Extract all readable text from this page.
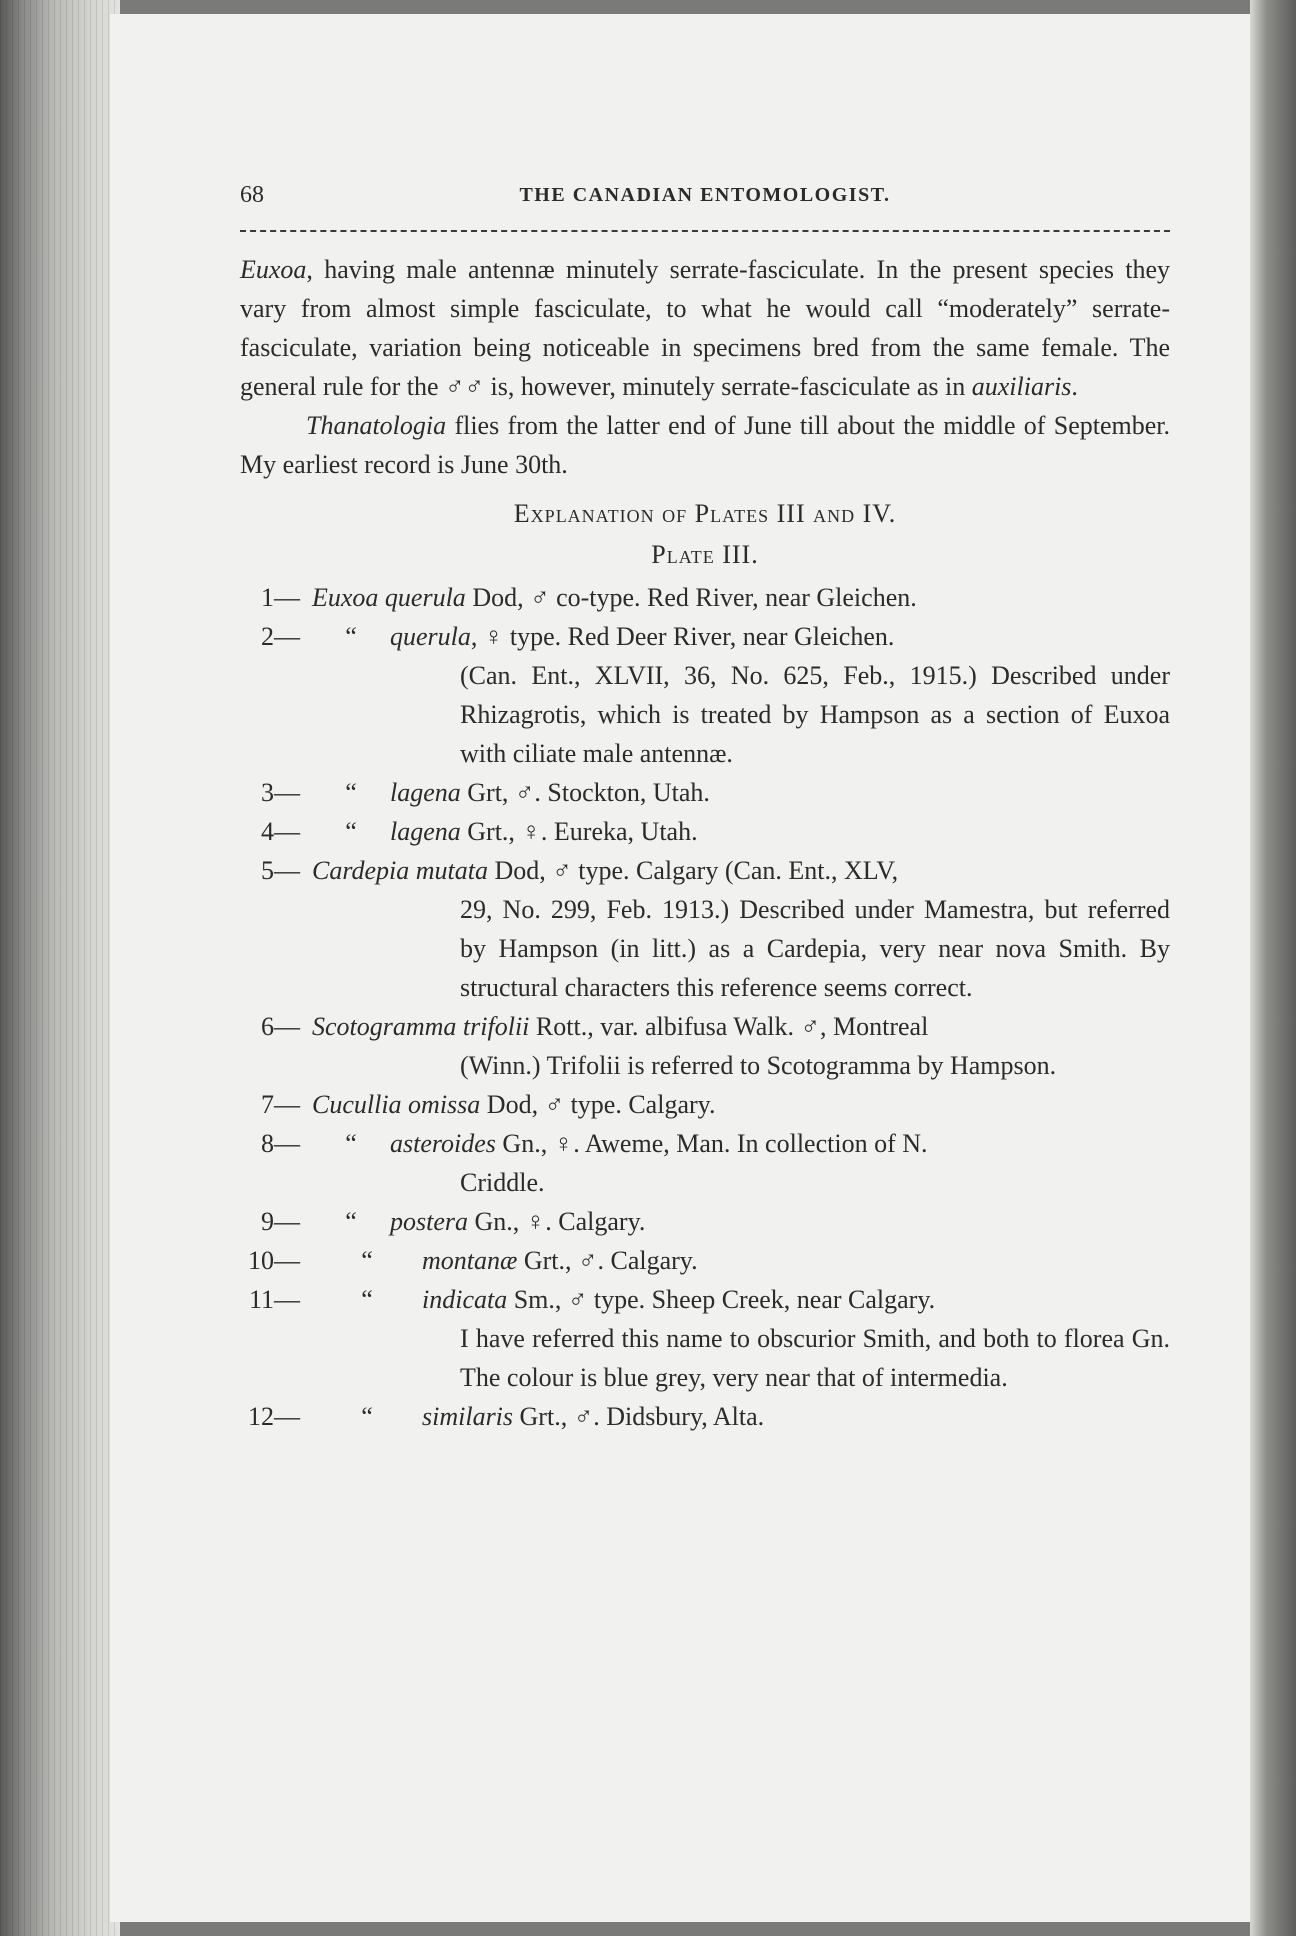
68	THE CANADIAN ENTOMOLOGIST.

Euxoa, having male antennæ minutely serrate-fasciculate. In the present species they vary from almost simple fasciculate, to what he would call “moderately” serrate-fasciculate, variation being noticeable in specimens bred from the same female. The general rule for the ♂♂ is, however, minutely serrate-fasciculate as in auxiliaris.

Thanatologia flies from the latter end of June till about the middle of September. My earliest record is June 30th.

Explanation of Plates III and IV.

Plate III.

1— Euxoa querula Dod, ♂ co-type. Red River, near Gleichen.
2—	“ querula, ♀ type. Red Deer River, near Gleichen.
(Can. Ent., XLVII, 36, No. 625, Feb., 1915.) Described under Rhizagrotis, which is treated by Hampson as a section of Euxoa with ciliate male antennæ.
3—	“ lagena Grt, ♂. Stockton, Utah.
4—	“ lagena Grt., ♀. Eureka, Utah.
5— Cardepia mutata Dod, ♂ type. Calgary (Can. Ent., XLV,
29, No. 299, Feb. 1913.) Described under Mamestra, but referred by Hampson (in litt.) as a Cardepia, very near nova Smith. By structural characters this reference seems correct.
6— Scotogramma trifolii Rott., var. albifusa Walk. ♂, Montreal
(Winn.) Trifolii is referred to Scotogramma by Hampson.
7— Cucullia omissa Dod, ♂ type. Calgary.
8—	“ asteroides Gn., ♀. Aweme, Man. In collection of N.
Criddle.
9—	“ postera Gn., ♀. Calgary.
10—	“ montanæ Grt., ♂. Calgary.
11—	“ indicata Sm., ♂ type. Sheep Creek, near Calgary.
I have referred this name to obscurior Smith, and both to florea Gn. The colour is blue grey, very near that of intermedia.
12—	“ similaris Grt., ♂. Didsbury, Alta.
